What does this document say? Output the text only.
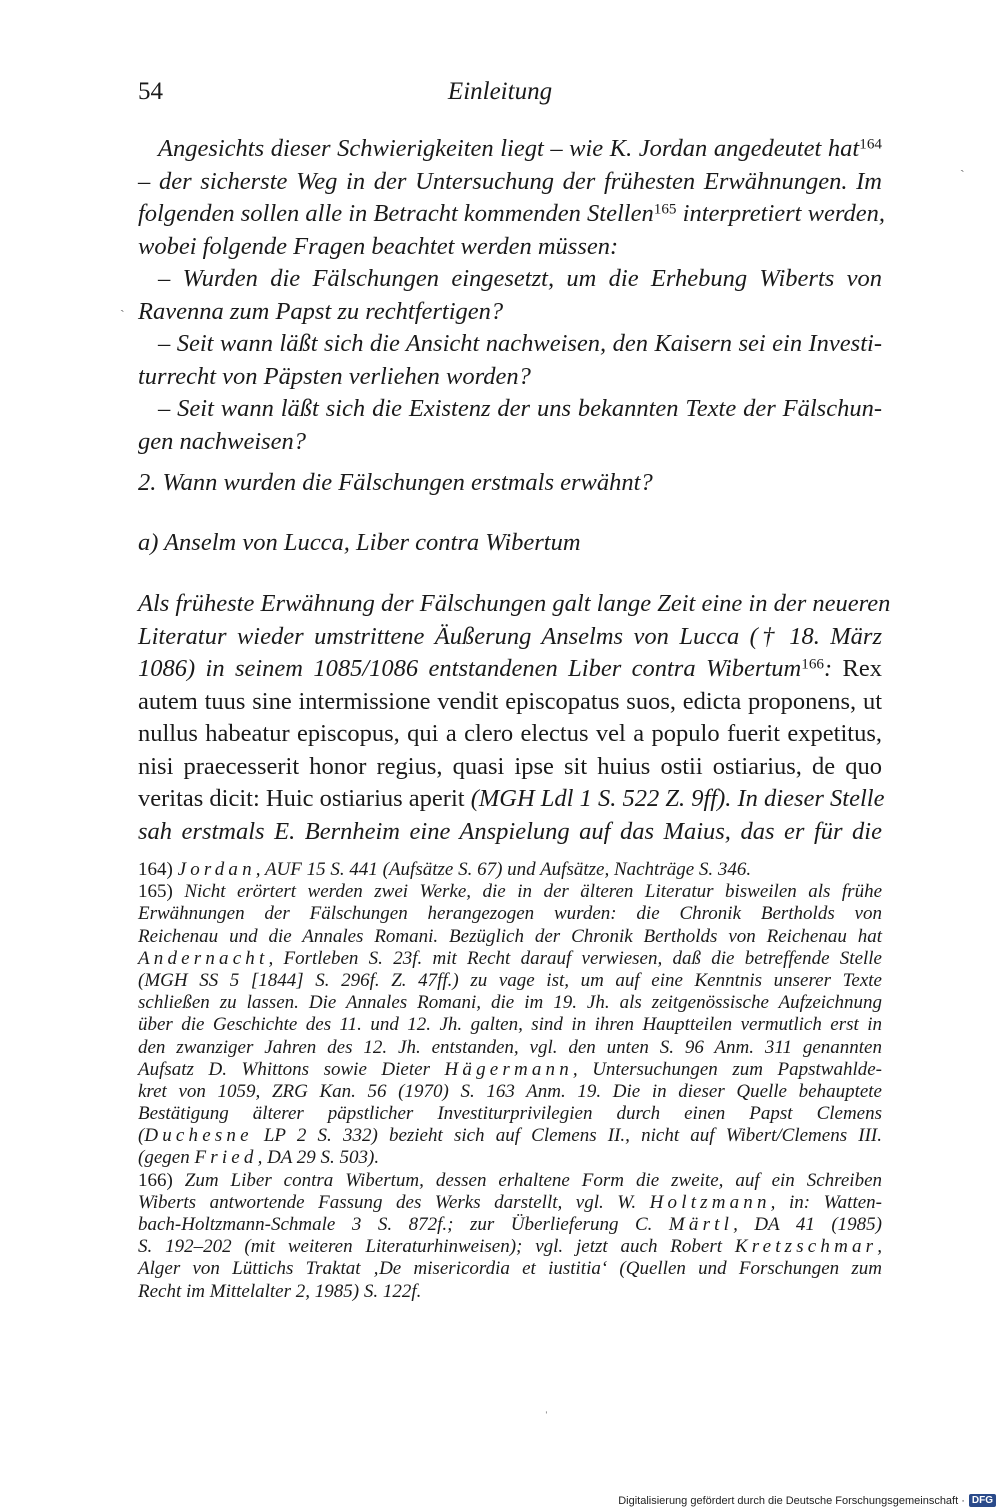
54	Einleitung
Angesichts dieser Schwierigkeiten liegt – wie K. Jordan angedeutet hat$^{164}$
– der sicherste Weg in der Untersuchung der frühesten Erwähnungen. Im
folgenden sollen alle in Betracht kommenden Stellen$^{165}$ interpretiert werden,
wobei folgende Fragen beachtet werden müssen:
– Wurden die Fälschungen eingesetzt, um die Erhebung Wiberts von
Ravenna zum Papst zu rechtfertigen?
– Seit wann läßt sich die Ansicht nachweisen, den Kaisern sei ein Investi-
turrecht von Päpsten verliehen worden?
– Seit wann läßt sich die Existenz der uns bekannten Texte der Fälschun-
gen nachweisen?
2. Wann wurden die Fälschungen erstmals erwähnt?
a) Anselm von Lucca, Liber contra Wibertum
Als früheste Erwähnung der Fälschungen galt lange Zeit eine in der neueren
Literatur wieder umstrittene Äußerung Anselms von Lucca († 18. März
1086) in seinem 1085/1086 entstandenen Liber contra Wibertum$^{166}$: Rex
autem tuus sine intermissione vendit episcopatus suos, edicta proponens, ut
nullus habeatur episcopus, qui a clero electus vel a populo fuerit expetitus,
nisi praecesserit honor regius, quasi ipse sit huius ostii ostiarius, de quo
veritas dicit: Huic ostiarius aperit (MGH Ldl 1 S. 522 Z. 9ff). In dieser Stelle
sah erstmals E. Bernheim eine Anspielung auf das Maius, das er für die
164) Jordan, AUF 15 S. 441 (Aufsätze S. 67) und Aufsätze, Nachträge S. 346.
165) Nicht erörtert werden zwei Werke, die in der älteren Literatur bisweilen als frühe
Erwähnungen der Fälschungen herangezogen wurden: die Chronik Bertholds von
Reichenau und die Annales Romani. Bezüglich der Chronik Bertholds von Reichenau hat
Andernacht, Fortleben S. 23f. mit Recht darauf verwiesen, daß die betreffende Stelle
(MGH SS 5 [1844] S. 296f. Z. 47ff.) zu vage ist, um auf eine Kenntnis unserer Texte
schließen zu lassen. Die Annales Romani, die im 19. Jh. als zeitgenössische Aufzeichnung
über die Geschichte des 11. und 12. Jh. galten, sind in ihren Hauptteilen vermutlich erst in
den zwanziger Jahren des 12. Jh. entstanden, vgl. den unten S. 96 Anm. 311 genannten
Aufsatz D. Whittons sowie Dieter Hägermann, Untersuchungen zum Papstwahlde-
kret von 1059, ZRG Kan. 56 (1970) S. 163 Anm. 19. Die in dieser Quelle behauptete
Bestätigung älterer päpstlicher Investiturprivilegien durch einen Papst Clemens
(Duchesne LP 2 S. 332) bezieht sich auf Clemens II., nicht auf Wibert/Clemens III.
(gegen Fried, DA 29 S. 503).
166) Zum Liber contra Wibertum, dessen erhaltene Form die zweite, auf ein Schreiben
Wiberts antwortende Fassung des Werks darstellt, vgl. W. Holtzmann, in: Watten-
bach-Holtzmann-Schmale 3 S. 872f.; zur Überlieferung C. Märtl, DA 41 (1985)
S. 192–202 (mit weiteren Literaturhinweisen); vgl. jetzt auch Robert Kretzschmar,
Alger von Lüttichs Traktat ‚De misericordia et iustitia‘ (Quellen und Forschungen zum
Recht im Mittelalter 2, 1985) S. 122f.
ˏ
ˎ
ˈ
Digitalisierung gefördert durch die Deutsche Forschungsgemeinschaft · DFG
